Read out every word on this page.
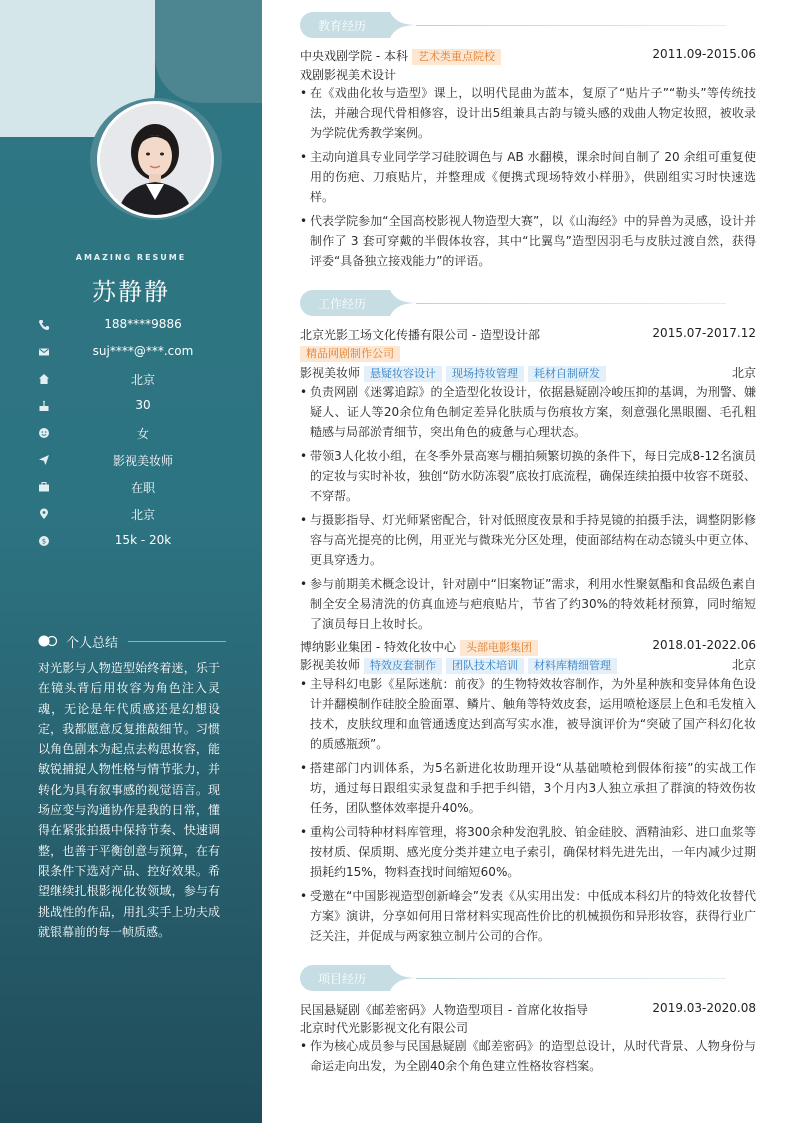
AMAZING RESUME
苏静静
188****9886
suj****@***.com
北京
30
女
影视美妆师
在职
北京
$	15k - 20k
个人总结
对光影与人物造型始终着迷，乐于在镜头背后用妆容为角色注入灵魂，无论是年代质感还是幻想设定，我都愿意反复推敲细节。习惯以角色剧本为起点去构思妆容，能敏锐捕捉人物性格与情节张力，并转化为具有叙事感的视觉语言。现场应变与沟通协作是我的日常，懂得在紧张拍摄中保持节奏、快速调整，也善于平衡创意与预算，在有限条件下选对产品、控好效果。希望继续扎根影视化妆领域，参与有挑战性的作品，用扎实手上功夫成就银幕前的每一帧质感。
教育经历
中央戏剧学院 - 本科 艺术类重点院校	2011.09-2015.06
戏剧影视美术设计
• 在《戏曲化妆与造型》课上，以明代昆曲为蓝本，复原了“贴片子”“勒头”等传统技法，并融合现代骨相修容，设计出5组兼具古韵与镜头感的戏曲人物定妆照，被收录为学院优秀教学案例。
• 主动向道具专业同学学习硅胶调色与 AB 水翻模，课余时间自制了 20 余组可重复使用的伤疤、刀痕贴片，并整理成《便携式现场特效小样册》，供剧组实习时快速选样。
• 代表学院参加“全国高校影视人物造型大赛”，以《山海经》中的异兽为灵感，设计并制作了 3 套可穿戴的半假体妆容，其中“比翼鸟”造型因羽毛与皮肤过渡自然，获得评委“具备独立接戏能力”的评语。
工作经历
北京光影工场文化传播有限公司 - 造型设计部	2015.07-2017.12
精品网剧制作公司
影视美妆师 悬疑妆容设计 现场持妆管理 耗材自制研发	北京
• 负责网剧《迷雾追踪》的全造型化妆设计，依据悬疑剧冷峻压抑的基调，为刑警、嫌疑人、证人等20余位角色制定差异化肤质与伤痕妆方案，刻意强化黑眼圈、毛孔粗糙感与局部淤青细节，突出角色的疲惫与心理状态。
• 带领3人化妆小组，在冬季外景高寒与棚拍频繁切换的条件下，每日完成8-12名演员的定妆与实时补妆，独创“防水防冻裂”底妆打底流程，确保连续拍摄中妆容不斑驳、不穿帮。
• 与摄影指导、灯光师紧密配合，针对低照度夜景和手持晃镜的拍摄手法，调整阴影修容与高光提亮的比例，用亚光与微珠光分区处理，使面部结构在动态镜头中更立体、更具穿透力。
• 参与前期美术概念设计，针对剧中“旧案物证”需求，利用水性聚氨酯和食品级色素自制全安全易清洗的仿真血迹与疤痕贴片，节省了约30%的特效耗材预算，同时缩短了演员每日上妆时长。
博纳影业集团 - 特效化妆中心 头部电影集团	2018.01-2022.06
影视美妆师 特效皮套制作 团队技术培训 材料库精细管理	北京
• 主导科幻电影《星际迷航：前夜》的生物特效妆容制作，为外星种族和变异体角色设计并翻模制作硅胶全脸面罩、鳞片、触角等特效皮套，运用喷枪逐层上色和毛发植入技术，皮肤纹理和血管通透度达到高写实水准，被导演评价为“突破了国产科幻化妆的质感瓶颈”。
• 搭建部门内训体系，为5名新进化妆助理开设“从基础喷枪到假体衔接”的实战工作坊，通过每日跟组实录复盘和手把手纠错，3个月内3人独立承担了群演的特效伤妆任务，团队整体效率提升40%。
• 重构公司特种材料库管理，将300余种发泡乳胶、铂金硅胶、酒精油彩、进口血浆等按材质、保质期、感光度分类并建立电子索引，确保材料先进先出，一年内减少过期损耗约15%，物料查找时间缩短60%。
• 受邀在“中国影视造型创新峰会”发表《从实用出发：中低成本科幻片的特效化妆替代方案》演讲，分享如何用日常材料实现高性价比的机械损伤和异形妆容，获得行业广泛关注，并促成与两家独立制片公司的合作。
项目经历
民国悬疑剧《邮差密码》人物造型项目 - 首席化妆指导	2019.03-2020.08
北京时代光影影视文化有限公司
• 作为核心成员参与民国悬疑剧《邮差密码》的造型总设计，从时代背景、人物身份与命运走向出发，为全剧40余个角色建立性格妆容档案。
